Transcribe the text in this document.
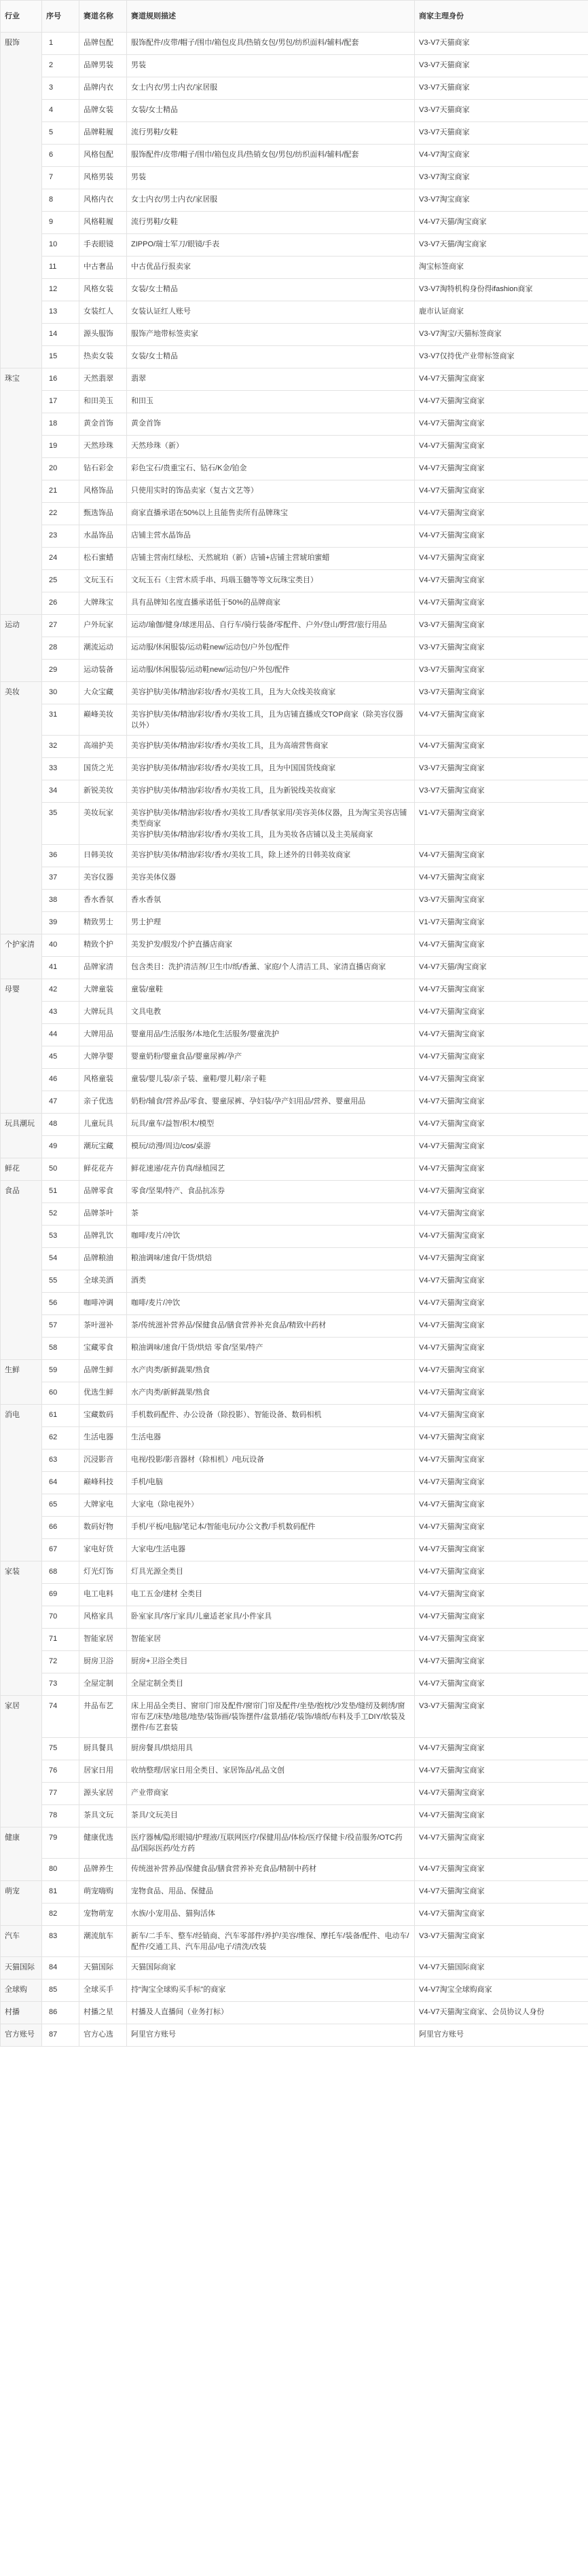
行业	序号	赛道名称	赛道规则描述	商家主理身份
服饰	1	品牌包配	服饰配件/皮带/帽子/围巾/箱包皮具/热销女包/男包/纺织面料/辅料/配套	V3-V7天猫商家
	2	品牌男装	男装	V3-V7天猫商家
	3	品牌内衣	女士内衣/男士内衣/家居服	V3-V7天猫商家
	4	品牌女装	女装/女士精品	V3-V7天猫商家
	5	品牌鞋履	流行男鞋/女鞋	V3-V7天猫商家
	6	风格包配	服饰配件/皮带/帽子/围巾/箱包皮具/热销女包/男包/纺织面料/辅料/配套	V4-V7淘宝商家
	7	风格男装	男装	V3-V7淘宝商家
	8	风格内衣	女士内衣/男士内衣/家居服	V3-V7淘宝商家
	9	风格鞋履	流行男鞋/女鞋	V4-V7天猫/淘宝商家
	10	手表眼镜	ZIPPO/瑞士军刀/眼镜/手表	V3-V7天猫/淘宝商家
	11	中古奢品	中古优品行报卖家	淘宝标签商家
	12	风格女装	女装/女士精品	V3-V7淘特机构身份得ifashion商家
	13	女装红人	女装认证红人账号	鹿市认证商家
	14	源头服饰	服饰产地带标签卖家	V3-V7淘宝/天猫标签商家
	15	热卖女装	女装/女士精品	V3-V7仅持优产业带标签商家
珠宝	16	天然翡翠	翡翠	V4-V7天猫淘宝商家
	17	和田美玉	和田玉	V4-V7天猫淘宝商家
	18	黄金首饰	黄金首饰	V4-V7天猫淘宝商家
	19	天然珍珠	天然珍珠（新）	V4-V7天猫淘宝商家
	20	钻石彩金	彩色宝石/贵重宝石、钻石/K金/铂金	V4-V7天猫淘宝商家
	21	风格饰品	只使用实时的饰品卖家（复古文艺等）	V4-V7天猫淘宝商家
	22	甄选饰品	商家直播承诺在50%以上且能售卖所有品牌珠宝	V4-V7天猫淘宝商家
	23	水晶饰品	店铺主营水晶饰品	V4-V7天猫淘宝商家
	24	松石蜜蜡	店铺主营南红绿松、天然琥珀（新）店铺+店铺主营琥珀蜜蜡	V4-V7天猫淘宝商家
	25	文玩玉石	文玩玉石（主营木质手串、玛瑙玉髓等等文玩珠宝类目）	V4-V7天猫淘宝商家
	26	大牌珠宝	具有品牌知名度直播承诺低于50%的品牌商家	V4-V7天猫淘宝商家
运动	27	户外玩家	运动/瑜伽/健身/球迷用品、自行车/骑行装备/零配件、户外/登山/野营/旅行用品	V3-V7天猫淘宝商家
	28	潮流运动	运动服/休闲服装/运动鞋new/运动包/户外包/配件	V3-V7天猫淘宝商家
	29	运动装备	运动服/休闲服装/运动鞋new/运动包/户外包/配件	V3-V7天猫淘宝商家
美妆	30	大众宝藏	美容护肤/美体/精油/彩妆/香水/美妆工具，且为大众线美妆商家	V3-V7天猫淘宝商家
	31	巅峰美妆	美容护肤/美体/精油/彩妆/香水/美妆工具，且为店铺直播成交TOP商家（除美容仪器以外）	V4-V7天猫淘宝商家
	32	高端护美	美容护肤/美体/精油/彩妆/香水/美妆工具，且为高端营售商家	V4-V7天猫淘宝商家
	33	国货之光	美容护肤/美体/精油/彩妆/香水/美妆工具，且为中国国货线商家	V3-V7天猫淘宝商家
	34	新锐美妆	美容护肤/美体/精油/彩妆/香水/美妆工具，且为新锐线美妆商家	V3-V7天猫淘宝商家
	35	美妆玩家	美容护肤/美体/精油/彩妆/香水/美妆工具/香氛家用/美容美体仪器，且为淘宝美容店铺类型商家
美容护肤/美体/精油/彩妆/香水/美妆工具，且为美妆各店铺以及主美展商家	V1-V7天猫淘宝商家
	36	日韩美妆	美容护肤/美体/精油/彩妆/香水/美妆工具，除上述外的日韩美妆商家	V4-V7天猫淘宝商家
	37	美容仪器	美容美体仪器	V4-V7天猫淘宝商家
	38	香水香氛	香水香氛	V3-V7天猫淘宝商家
	39	精致男士	男士护理	V1-V7天猫淘宝商家
个护家清	40	精致个护	美发护发/假发/个护直播店商家	V4-V7天猫淘宝商家
	41	品牌家清	包含类目：洗护清洁剂/卫生巾/纸/香薰、家庭/个人清洁工具、家清直播店商家	V4-V7天猫/淘宝商家
母婴	42	大牌童装	童装/童鞋	V4-V7天猫淘宝商家
	43	大牌玩具	文具电教	V4-V7天猫淘宝商家
	44	大牌用品	婴童用品/生活服务/本地化生活服务/婴童洗护	V4-V7天猫淘宝商家
	45	大牌孕婴	婴童奶粉/婴童食品/婴童尿裤/孕产	V4-V7天猫淘宝商家
	46	风格童装	童装/婴儿装/亲子装、童鞋/婴儿鞋/亲子鞋	V4-V7天猫淘宝商家
	47	亲子优选	奶粉/辅食/营养品/零食、婴童尿裤、孕妇装/孕产妇用品/营养、婴童用品	V4-V7天猫淘宝商家
玩具潮玩	48	儿童玩具	玩具/童车/益智/积木/模型	V4-V7天猫淘宝商家
	49	潮玩宝藏	模玩/动漫/周边/cos/桌游	V4-V7天猫淘宝商家
鲜花	50	鲜花花卉	鲜花速递/花卉仿真/绿植园艺	V4-V7天猫淘宝商家
食品	51	品牌零食	零食/坚果/特产、食品抗冻券	V4-V7天猫淘宝商家
	52	品牌茶叶	茶	V4-V7天猫淘宝商家
	53	品牌乳饮	咖啡/麦片/冲饮	V4-V7天猫淘宝商家
	54	品牌粮油	粮油调味/速食/干货/烘焙	V4-V7天猫淘宝商家
	55	全球美酒	酒类	V4-V7天猫淘宝商家
	56	咖啡冲调	咖啡/麦片/冲饮	V4-V7天猫淘宝商家
	57	茶叶滋补	茶/传统滋补营养品/保健食品/膳食营养补充食品/精致中药材	V4-V7天猫淘宝商家
	58	宝藏零食	粮油调味/速食/干货/烘焙 零食/坚果/特产	V4-V7天猫淘宝商家
生鲜	59	品牌生鲜	水产肉类/新鲜蔬果/熟食	V4-V7天猫淘宝商家
	60	优选生鲜	水产肉类/新鲜蔬果/熟食	V4-V7天猫淘宝商家
消电	61	宝藏数码	手机数码配件、办公设备（除投影）、智能设备、数码相机	V4-V7天猫淘宝商家
	62	生活电器	生活电器	V4-V7天猫淘宝商家
	63	沉浸影音	电视/投影/影音器材（除相机）/电玩设备	V4-V7天猫淘宝商家
	64	巅峰科技	手机/电脑	V4-V7天猫淘宝商家
	65	大牌家电	大家电（除电视外）	V4-V7天猫淘宝商家
	66	数码好物	手机/平板/电脑/笔记本/智能电玩/办公文教/手机数码配件	V4-V7天猫淘宝商家
	67	家电好货	大家电/生活电器	V4-V7天猫淘宝商家
家装	68	灯光灯饰	灯具光源全类目	V4-V7天猫淘宝商家
	69	电工电料	电工五金/建材 全类目	V4-V7天猫淘宝商家
	70	风格家具	卧室家具/客厅家具/儿童适老家具/小件家具	V4-V7天猫淘宝商家
	71	智能家居	智能家居	V4-V7天猫淘宝商家
	72	厨房卫浴	厨房+卫浴全类目	V4-V7天猫淘宝商家
	73	全屋定制	全屋定制全类目	V4-V7天猫淘宝商家
家居	74	井品布艺	床上用品全类目、窗帘门帘及配件/窗帘门帘及配件/坐垫/抱枕/沙发垫/缝纫及刺绣/窗帘布艺/床垫/地毯/地垫/装饰画/装饰摆件/盆景/插花/装饰/墙纸/布料及手工DIY/软装及摆件/布艺套装	V3-V7天猫淘宝商家
	75	厨具餐具	厨房餐具/烘焙用具	V4-V7天猫淘宝商家
	76	居家日用	收纳整理/居家日用全类目、家居饰品/礼品文创	V4-V7天猫淘宝商家
	77	源头家居	产业带商家	V4-V7天猫淘宝商家
	78	茶具文玩	茶具/文玩美目	V4-V7天猫淘宝商家
健康	79	健康优选	医疗器械/隐形眼镜/护理液/互联网医疗/保健用品/体检/医疗保健卡/役苗服务/OTC药品/国际医药/处方药	V4-V7天猫淘宝商家
	80	品牌养生	传统滋补营养品/保健食品/膳食营养补充食品/精制中药材	V4-V7天猫淘宝商家
萌宠	81	萌宠嗨购	宠物食品、用品、保健品	V4-V7天猫淘宝商家
	82	宠物萌宠	水族/小宠用品、猫狗活体	V4-V7天猫淘宝商家
汽车	83	潮流航车	新车/二手车、整车/经销商、汽车零部件/养护/美容/维保、摩托车/装备/配件、电动车/配件/交通工具、汽车用品/电子/清洗/改装	V3-V7天猫淘宝商家
天猫国际	84	天猫国际	天猫国际商家	V4-V7天猫国际商家
全球购	85	全球买手	持“淘宝全球购买手标”的商家	V4-V7淘宝全球购商家
村播	86	村播之星	村播及人直播间（业务打标）	V4-V7天猫淘宝商家、会员协议人身份
官方账号	87	官方心选	阿里官方账号	阿里官方账号
